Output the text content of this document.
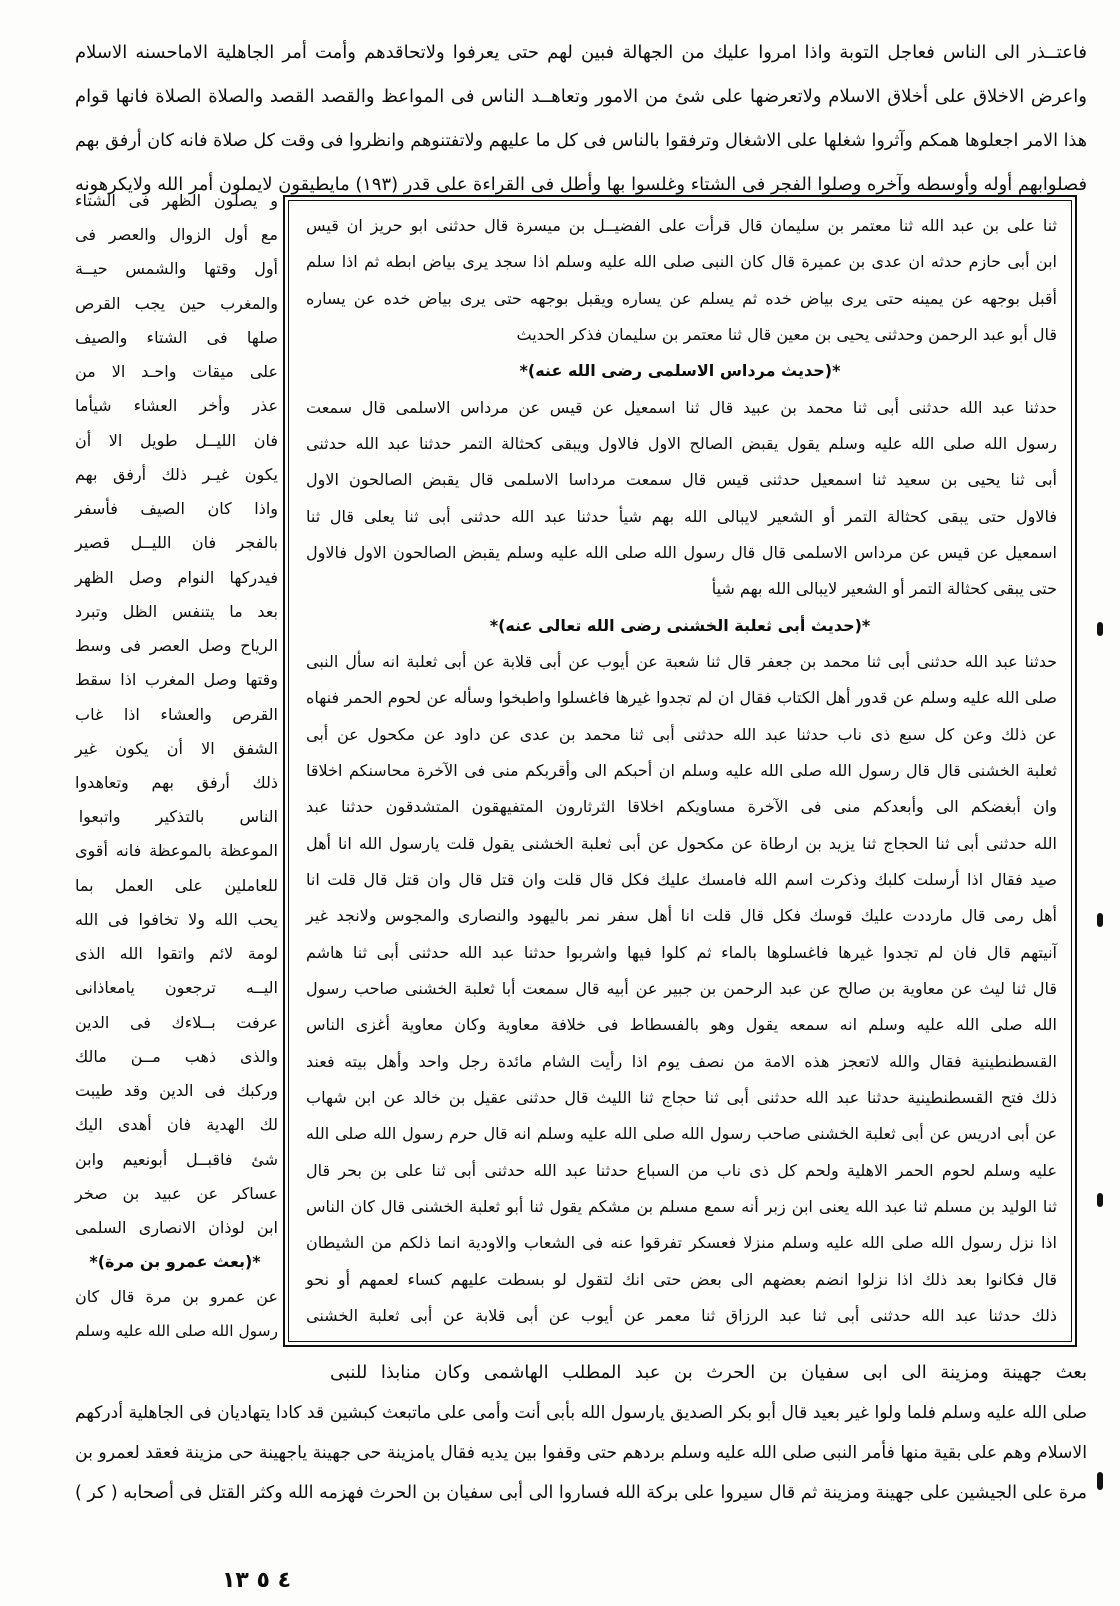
فاعتــذر الى الناس فعاجل التوبة واذا امروا عليك من الجهالة فبين لهم حتى يعرفوا ولاتحاقدهم وأمت أمر الجاهلية الاماحسنه الاسلام
واعرض الاخلاق على أخلاق الاسلام ولاتعرضها على شئ من الامور وتعاهــد الناس فى المواعظ والقصد القصد والصلاة الصلاة فانها قوام
هذا الامر اجعلوها همكم وآثروا شغلها على الاشغال وترفقوا بالناس فى كل ما عليهم ولاتفتنوهم وانظروا فى وقت كل صلاة فانه كان أرفق بهم
فصلوابهم أوله وأوسطه وآخره وصلوا الفجر فى الشتاء وغلسوا بها وأطل فى القراءة على قدر (١٩٣) مايطيقون لايملون أمر الله ولايكرهونه
و يصلون الظهر فى الشتاء
مع أول الزوال والعصر فى
أول وقتها والشمس حيــة
والمغرب حين يجب القرص
صلها فى الشتاء والصيف
على ميقات واحـد الا من
عذر وأخر العشاء شيأما
فان الليــل طويل الا أن
يكون غيـر ذلك أرفق بهم
واذا كان الصيف فأسفر
بالفجر فان الليــل قصير
فيدركها النوام وصل الظهر
بعد ما يتنفس الظل وتبرد
الرياح وصل العصر فى وسط
وقتها وصل المغرب اذا سقط
القرص والعشاء اذا غاب
الشفق الا أن يكون غير
ذلك أرفق بهم وتعاهدوا
الناس بالتذكير واتبعوا
الموعظة بالموعظة فانه أقوى
للعاملين على العمل بما
يحب الله ولا تخافوا فى الله
لومة لائم واتقوا الله الذى
اليــه ترجعون يامعاذانى
عرفت بــلاءك فى الدين
والذى ذهب مــن مالك
وركبك فى الدين وقد طيبت
لك الهدية فان أهدى اليك
شئ فاقبــل أبونعيم وابن
عساكر عن عبيد بن صخر
ابن لوذان الانصارى السلمى
*(بعث عمرو بن مرة)*
عن عمرو بن مرة قال كان
رسول الله صلى الله عليه وسلم
ثنا على بن عبد الله ثنا معتمر بن سليمان قال قرأت على الفضيــل بن ميسرة قال حدثنى ابو حريز ان قيس
ابن أبى حازم حدثه ان عدى بن عميرة قال كان النبى صلى الله عليه وسلم اذا سجد يرى بياض ابطه ثم اذا سلم
أقبل بوجهه عن يمينه حتى يرى بياض خده ثم يسلم عن يساره ويقبل بوجهه حتى يرى بياض خده عن يساره
قال أبو عبد الرحمن وحدثنى يحيى بن معين قال ثنا معتمر بن سليمان فذكر الحديث
*(حديث مرداس الاسلمى رضى الله عنه)*
حدثنا عبد الله حدثنى أبى ثنا محمد بن عبيد قال ثنا اسمعيل عن قيس عن مرداس الاسلمى قال سمعت
رسول الله صلى الله عليه وسلم يقول يقبض الصالح الاول فالاول ويبقى كحثالة التمر حدثنا عبد الله حدثنى
أبى ثنا يحيى بن سعيد ثنا اسمعيل حدثنى قيس قال سمعت مرداسا الاسلمى قال يقبض الصالحون الاول
فالاول حتى يبقى كحثالة التمر أو الشعير لايبالى الله بهم شيأ حدثنا عبد الله حدثنى أبى ثنا يعلى قال ثنا
اسمعيل عن قيس عن مرداس الاسلمى قال قال رسول الله صلى الله عليه وسلم يقبض الصالحون الاول فالاول
حتى يبقى كحثالة التمر أو الشعير لايبالى الله بهم شيأ
*(حديث أبى ثعلبة الخشنى رضى الله تعالى عنه)*
حدثنا عبد الله حدثنى أبى ثنا محمد بن جعفر قال ثنا شعبة عن أيوب عن أبى قلابة عن أبى ثعلبة انه سأل النبى
صلى الله عليه وسلم عن قدور أهل الكتاب فقال ان لم تجدوا غيرها فاغسلوا واطبخوا وسأله عن لحوم الحمر فنهاه
عن ذلك وعن كل سبع ذى ناب حدثنا عبد الله حدثنى أبى ثنا محمد بن عدى عن داود عن مكحول عن أبى
ثعلبة الخشنى قال قال رسول الله صلى الله عليه وسلم ان أحبكم الى وأقربكم منى فى الآخرة محاسنكم اخلاقا
وان أبغضكم الى وأبعدكم منى فى الآخرة مساويكم اخلاقا الثرثارون المتفيهقون المتشدقون حدثنا عبد
الله حدثنى أبى ثنا الحجاج ثنا يزيد بن ارطاة عن مكحول عن أبى ثعلبة الخشنى يقول قلت يارسول الله انا أهل
صيد فقال اذا أرسلت كلبك وذكرت اسم الله فامسك عليك فكل قال قلت وان قتل قال وان قتل قال قلت انا
أهل رمى قال مارددت عليك قوسك فكل قال قلت انا أهل سفر نمر باليهود والنصارى والمجوس ولانجد غير
آنيتهم قال فان لم تجدوا غيرها فاغسلوها بالماء ثم كلوا فيها واشربوا حدثنا عبد الله حدثنى أبى ثنا هاشم
قال ثنا ليث عن معاوية بن صالح عن عبد الرحمن بن جبير عن أبيه قال سمعت أبا ثعلبة الخشنى صاحب رسول
الله صلى الله عليه وسلم انه سمعه يقول وهو بالفسطاط فى خلافة معاوية وكان معاوية أغزى الناس
القسطنطينية فقال والله لاتعجز هذه الامة من نصف يوم اذا رأيت الشام مائدة رجل واحد وأهل بيته فعند
ذلك فتح القسطنطينية حدثنا عبد الله حدثنى أبى ثنا حجاج ثنا الليث قال حدثنى عقيل بن خالد عن ابن شهاب
عن أبى ادريس عن أبى ثعلبة الخشنى صاحب رسول الله صلى الله عليه وسلم انه قال حرم رسول الله صلى الله
عليه وسلم لحوم الحمر الاهلية ولحم كل ذى ناب من السباع حدثنا عبد الله حدثنى أبى ثنا على بن بحر قال
ثنا الوليد بن مسلم ثنا عبد الله يعنى ابن زبر أنه سمع مسلم بن مشكم يقول ثنا أبو ثعلبة الخشنى قال كان الناس
اذا نزل رسول الله صلى الله عليه وسلم منزلا فعسكر تفرقوا عنه فى الشعاب والاودية انما ذلكم من الشيطان
قال فكانوا بعد ذلك اذا نزلوا انضم بعضهم الى بعض حتى انك لتقول لو بسطت عليهم كساء لعمهم أو نحو
ذلك حدثنا عبد الله حدثنى أبى ثنا عبد الرزاق ثنا معمر عن أيوب عن أبى قلابة عن أبى ثعلبة الخشنى
بعث جهينة ومزينة الى ابى سفيان بن الحرث بن عبد المطلب الهاشمى وكان منابذا للنبى
صلى الله عليه وسلم فلما ولوا غير بعيد قال أبو بكر الصديق يارسول الله بأبى أنت وأمى على ماتبعث كبشين قد كادا يتهاديان فى الجاهلية أدركهم
الاسلام وهم على بقية منها فأمر النبى صلى الله عليه وسلم بردهم حتى وقفوا بين يديه فقال يامزينة حى جهينة ياجهينة حى مزينة فعقد لعمرو بن
مرة على الجيشين على جهينة ومزينة ثم قال سيروا على بركة الله فساروا الى أبى سفيان بن الحرث فهزمه الله وكثر القتل فى أصحابه ( كر )
٤ ٥ ١٣
